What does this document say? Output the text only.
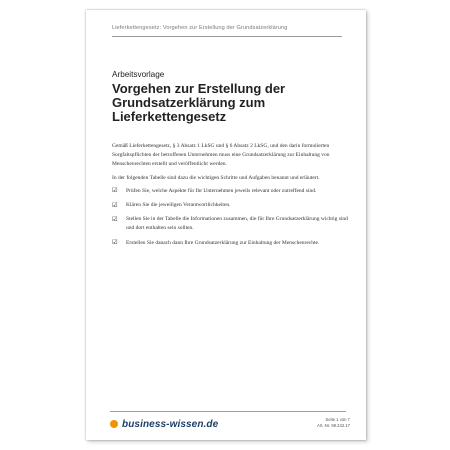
Lieferkettengesetz: Vorgehen zur Erstellung der Grundsatzerklärung
Arbeitsvorlage
Vorgehen zur Erstellung der Grundsatzerklärung zum Lieferkettengesetz

Gemäß Lieferkettengesetz, § 3 Absatz 1 LkSG und § 6 Absatz 2 LkSG, und den darin formulierten Sorgfaltspflichten der betroffenen Unternehmen muss eine Grundsatzerklärung zur Einhaltung von Menschenrechten erstellt und veröffentlicht werden.

In der folgenden Tabelle sind dazu die wichtigen Schritte und Aufgaben benannt und erläutert.

☑ Prüfen Sie, welche Aspekte für Ihr Unternehmen jeweils relevant oder zutreffend sind.
☑ Klären Sie die jeweiligen Verantwortlichkeiten.
☑ Stellen Sie in der Tabelle die Informationen zusammen, die für Ihre Grundsatzerklärung wichtig sind und dort enthalten sein sollten.
☑ Erstellen Sie danach dann Ihre Grundsatzerklärung zur Einhaltung der Menschenrechte.
business-wissen.de	Seite 1 von 7
Art.-Nr. 99.242.17
